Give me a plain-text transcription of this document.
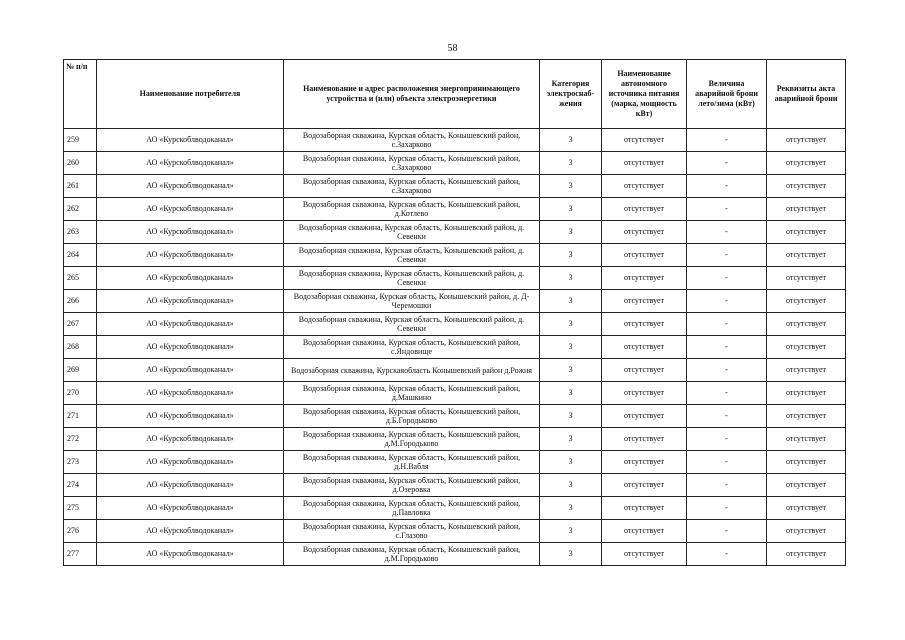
58
№ п/п	Наименование потребителя	Наименование и адрес расположения энергопринимающего устройства и (или) объекта электроэнергетики	Категория электроснаб-жения	Наименование автономного источника питания (марка, мощность кВт)	Величина аварийной брони лето/зима (кВт)	Реквизиты акта аварийной брони
259	АО «Курскоблводоканал»	Водозаборная скважина, Курская область, Конышевский район, с.Захарково	3	отсутствует	-	отсутствует
260	АО «Курскоблводоканал»	Водозаборная скважина, Курская область, Конышевский район, с.Захарково	3	отсутствует	-	отсутствует
261	АО «Курскоблводоканал»	Водозаборная скважина, Курская область, Конышевский район, с.Захарково	3	отсутствует	-	отсутствует
262	АО «Курскоблводоканал»	Водозаборная скважина, Курская область, Конышевский район, д.Котлево	3	отсутствует	-	отсутствует
263	АО «Курскоблводоканал»	Водозаборная скважина, Курская область, Конышевский район, д. Севенки	3	отсутствует	-	отсутствует
264	АО «Курскоблводоканал»	Водозаборная скважина, Курская область, Конышевский район, д. Севенки	3	отсутствует	-	отсутствует
265	АО «Курскоблводоканал»	Водозаборная скважина, Курская область, Конышевский район, д. Севенки	3	отсутствует	-	отсутствует
266	АО «Курскоблводоканал»	Водозаборная скважина, Курская область, Конышевский район, д. Д-Черемошки	3	отсутствует	-	отсутствует
267	АО «Курскоблводоканал»	Водозаборная скважина, Курская область, Конышевский район, д. Севенки	3	отсутствует	-	отсутствует
268	АО «Курскоблводоканал»	Водозаборная скважина, Курская область, Конышевский район, с.Яндовище	3	отсутствует	-	отсутствует
269	АО «Курскоблводоканал»	Водозаборная скважина, Курскаяобласть Конышевский район д.Рожня	3	отсутствует	-	отсутствует
270	АО «Курскоблводоканал»	Водозаборная скважина, Курская область, Конышевский район, д.Машкино	3	отсутствует	-	отсутствует
271	АО «Курскоблводоканал»	Водозаборная скважина, Курская область, Конышевский район, д.Б.Городьково	3	отсутствует	-	отсутствует
272	АО «Курскоблводоканал»	Водозаборная скважина, Курская область, Конышевский район, д.М.Городьково	3	отсутствует	-	отсутствует
273	АО «Курскоблводоканал»	Водозаборная скважина, Курская область, Конышевский район, д.Н.Вабля	3	отсутствует	-	отсутствует
274	АО «Курскоблводоканал»	Водозаборная скважина, Курская область, Конышевский район, д.Озеровка	3	отсутствует	-	отсутствует
275	АО «Курскоблводоканал»	Водозаборная скважина, Курская область, Конышевский район, д.Павловка	3	отсутствует	-	отсутствует
276	АО «Курскоблводоканал»	Водозаборная скважина, Курская область, Конышевский район, с.Глазово	3	отсутствует	-	отсутствует
277	АО «Курскоблводоканал»	Водозаборная скважина, Курская область, Конышевский район, д.М.Городьково	3	отсутствует	-	отсутствует
